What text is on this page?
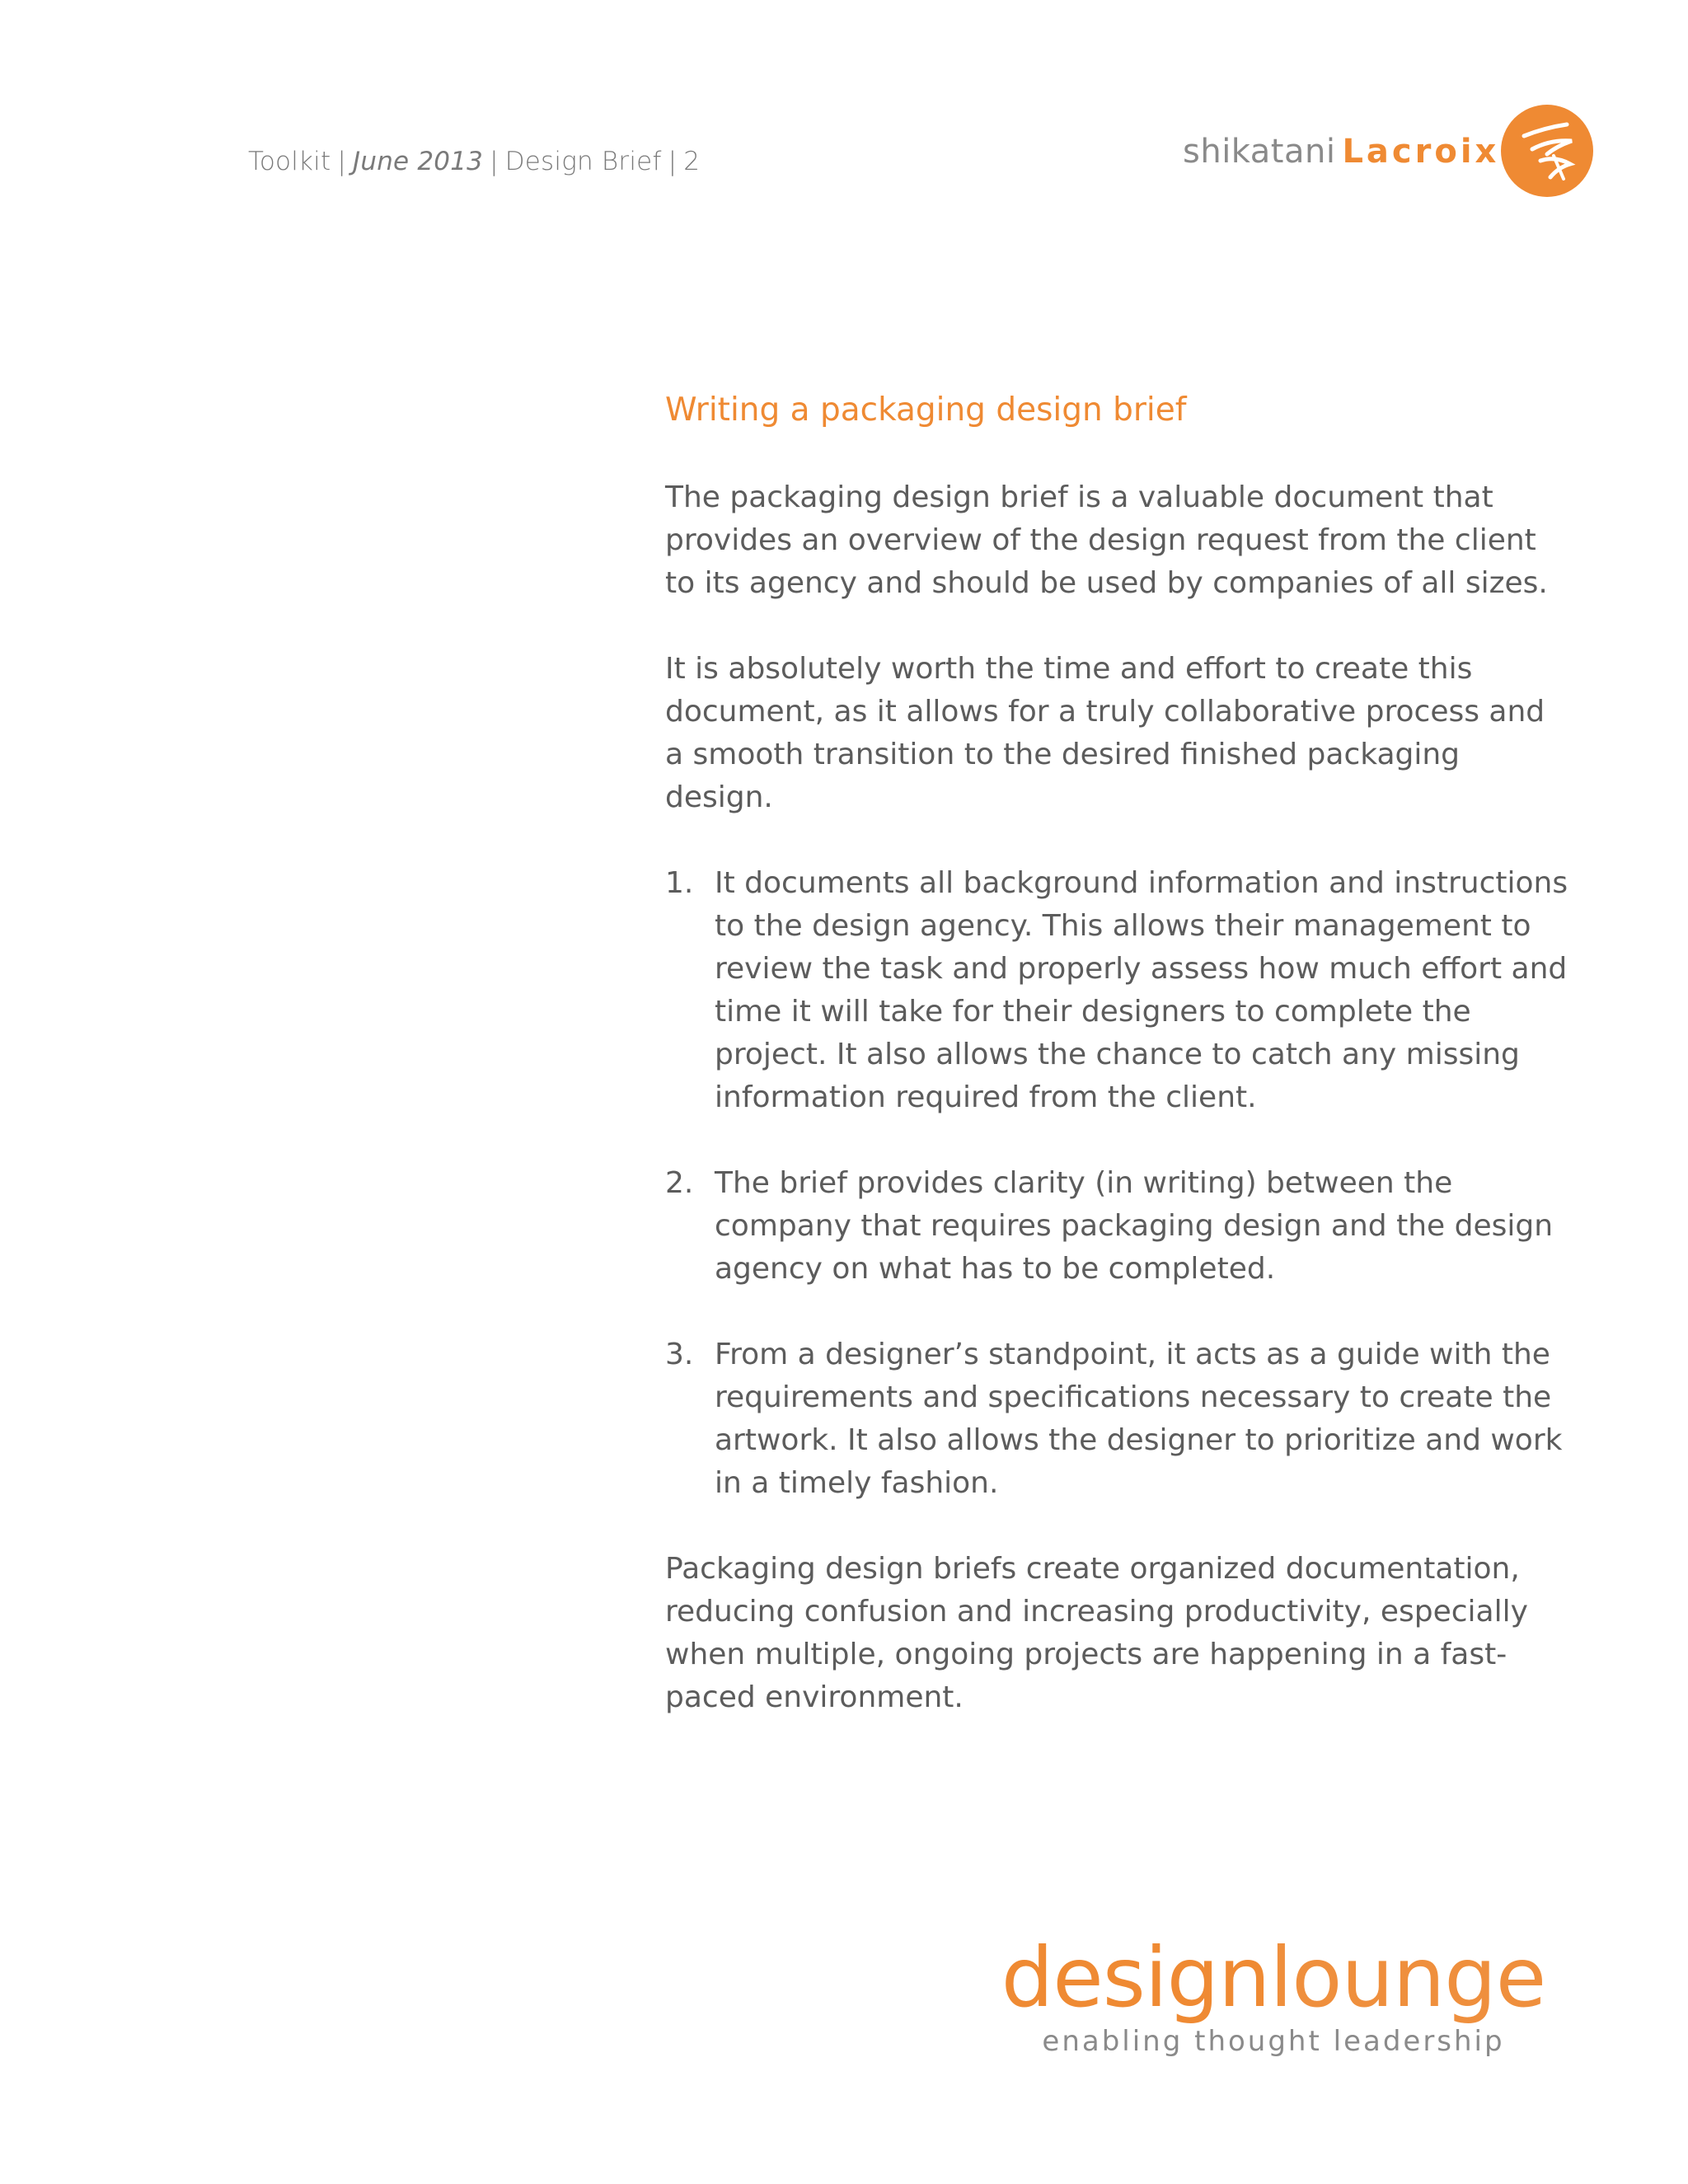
Toolkit | June 2013 | Design Brief | 2	shikatani Lacroix
Writing a packaging design brief

The packaging design brief is a valuable document that provides an overview of the design request from the client to its agency and should be used by companies of all sizes.

It is absolutely worth the time and effort to create this document, as it allows for a truly collaborative process and a smooth transition to the desired finished packaging design.

1. It documents all background information and instructions to the design agency. This allows their management to review the task and properly assess how much effort and time it will take for their designers to complete the project. It also allows the chance to catch any missing information required from the client.
2. The brief provides clarity (in writing) between the company that requires packaging design and the design agency on what has to be completed.
3. From a designer’s standpoint, it acts as a guide with the requirements and specifications necessary to create the artwork. It also allows the designer to prioritize and work in a timely fashion.

Packaging design briefs create organized documentation, reducing confusion and increasing productivity, especially when multiple, ongoing projects are happening in a fast-paced environment.

designlounge
enabling thought leadership
